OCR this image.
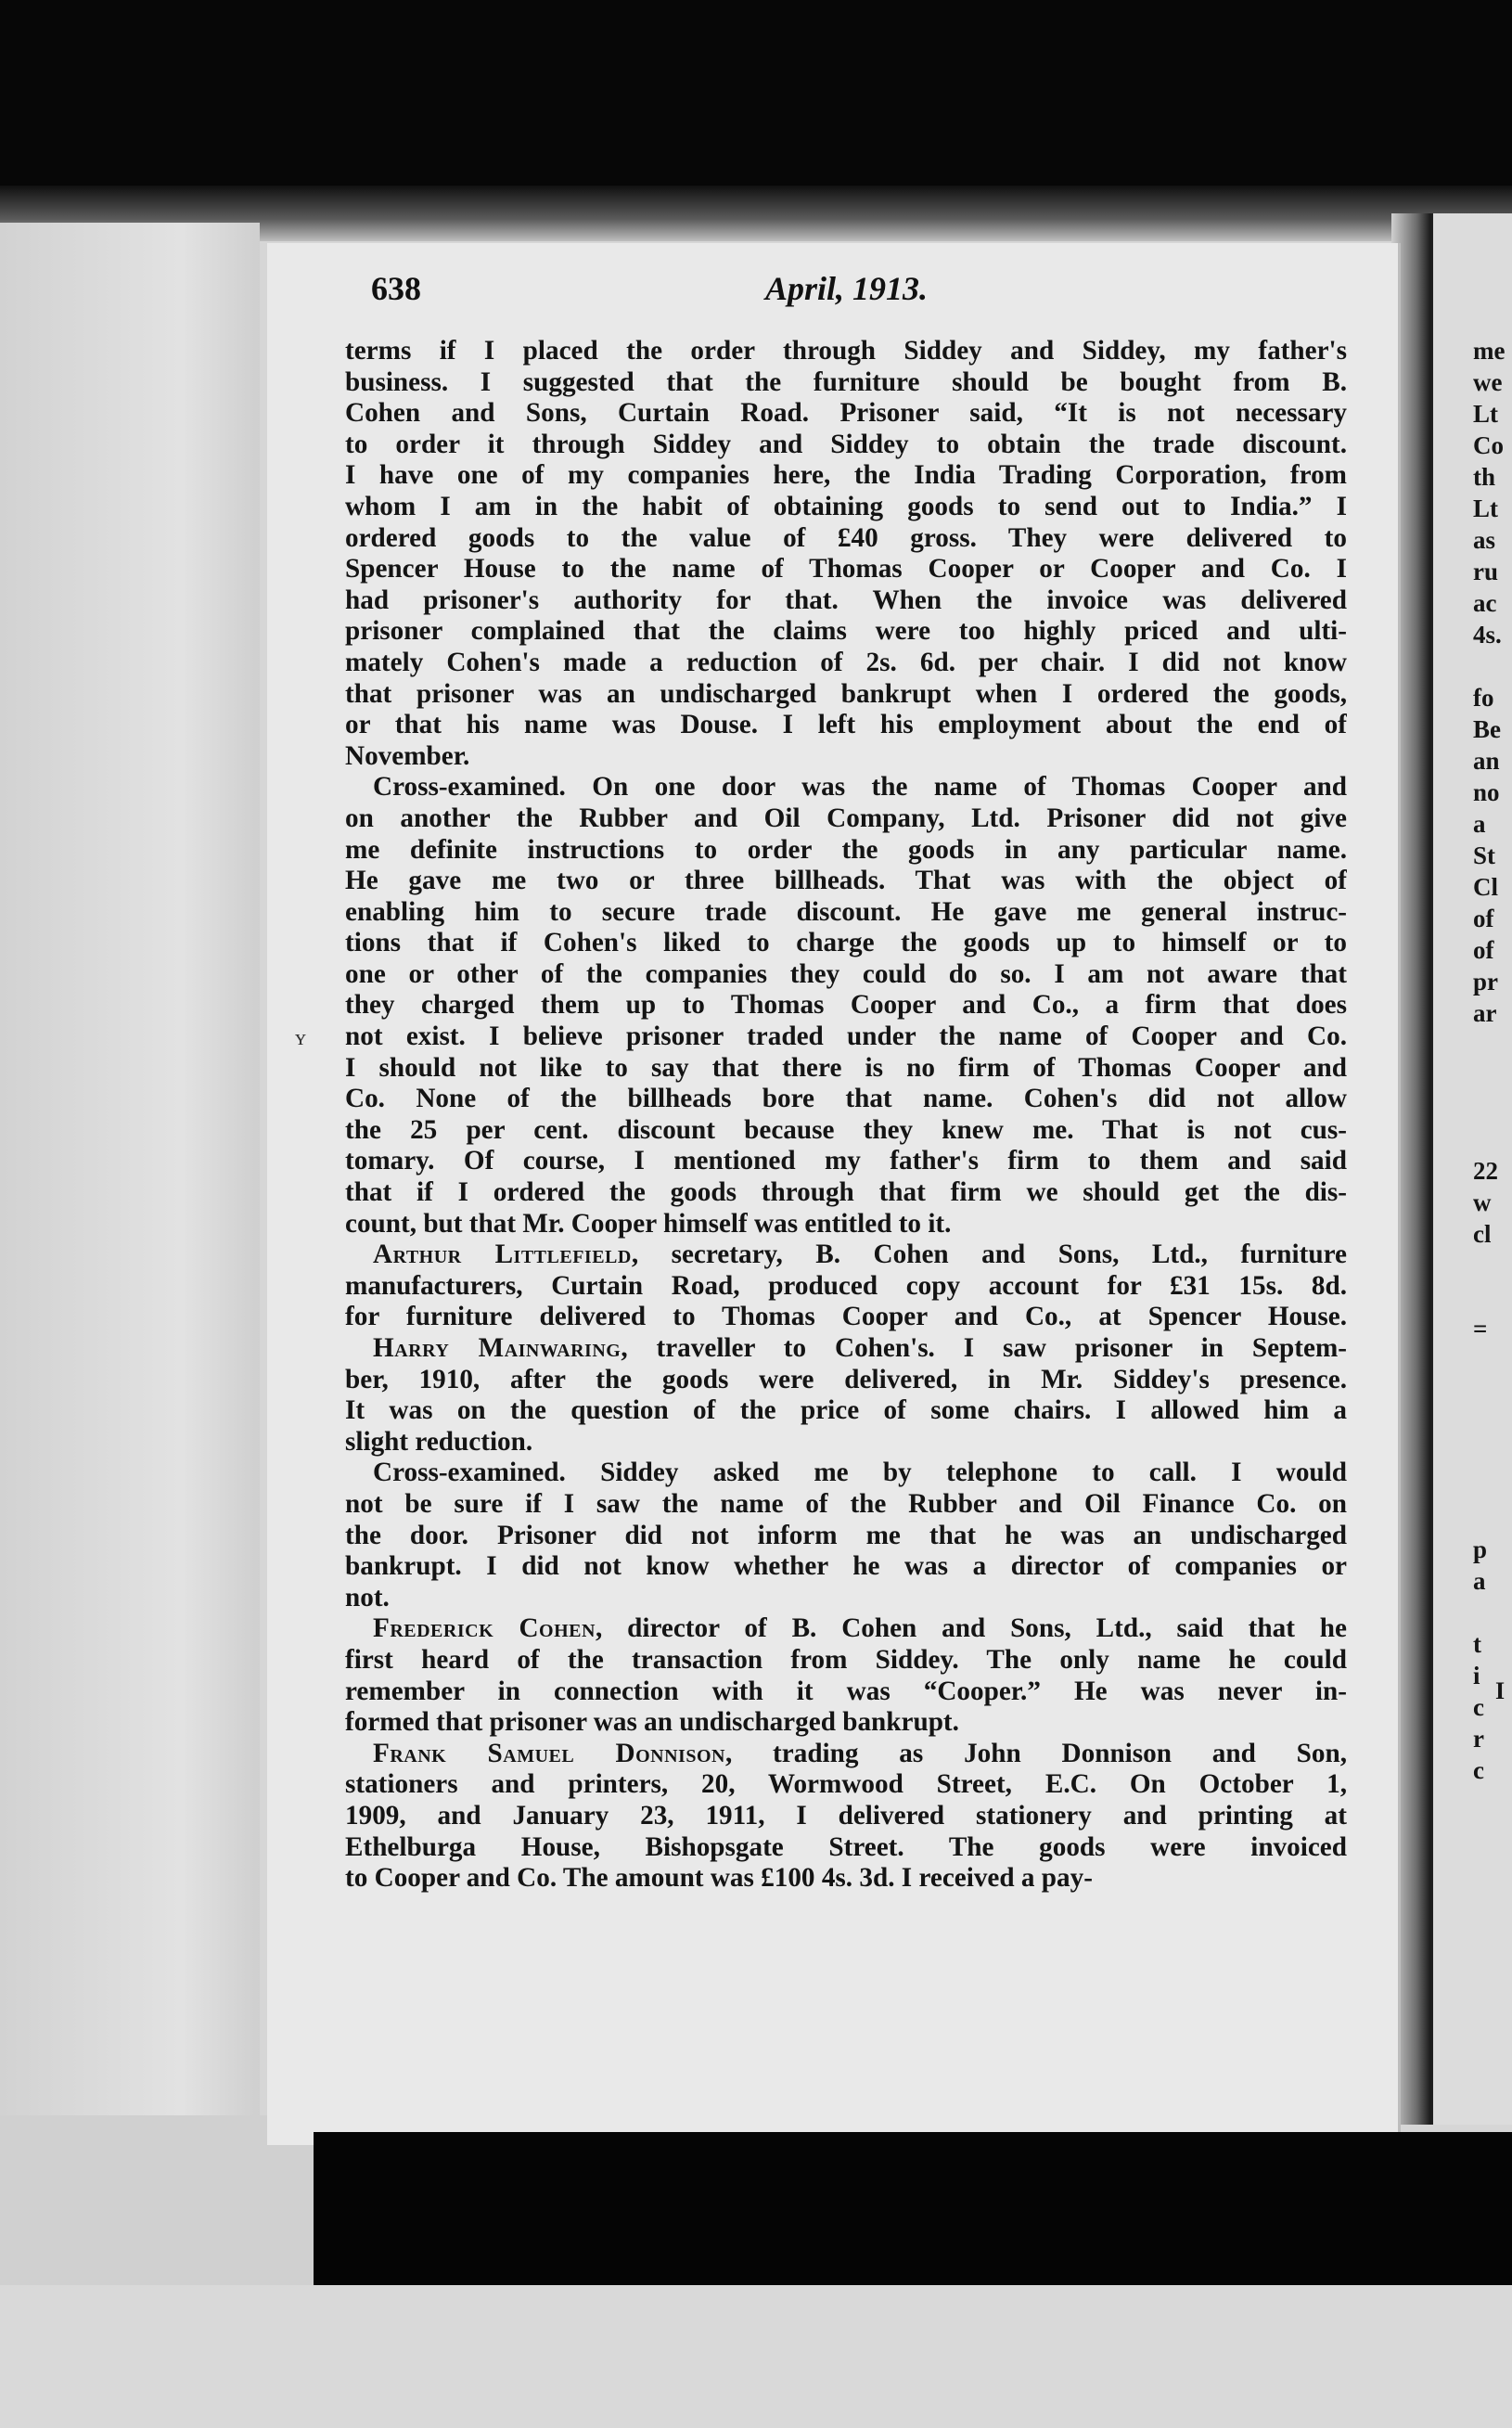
638	April, 1913.
ʏ
terms if I placed the order through Siddey and Siddey, my father's
business. I suggested that the furniture should be bought from B.
Cohen and Sons, Curtain Road. Prisoner said, “It is not necessary
to order it through Siddey and Siddey to obtain the trade discount.
I have one of my companies here, the India Trading Corporation, from
whom I am in the habit of obtaining goods to send out to India.” I
ordered goods to the value of £40 gross. They were delivered to
Spencer House to the name of Thomas Cooper or Cooper and Co. I
had prisoner's authority for that. When the invoice was delivered
prisoner complained that the claims were too highly priced and ulti-
mately Cohen's made a reduction of 2s. 6d. per chair. I did not know
that prisoner was an undischarged bankrupt when I ordered the goods,
or that his name was Douse. I left his employment about the end of
November.
Cross-examined. On one door was the name of Thomas Cooper and
on another the Rubber and Oil Company, Ltd. Prisoner did not give
me definite instructions to order the goods in any particular name.
He gave me two or three billheads. That was with the object of
enabling him to secure trade discount. He gave me general instruc-
tions that if Cohen's liked to charge the goods up to himself or to
one or other of the companies they could do so. I am not aware that
they charged them up to Thomas Cooper and Co., a firm that does
not exist. I believe prisoner traded under the name of Cooper and Co.
I should not like to say that there is no firm of Thomas Cooper and
Co. None of the billheads bore that name. Cohen's did not allow
the 25 per cent. discount because they knew me. That is not cus-
tomary. Of course, I mentioned my father's firm to them and said
that if I ordered the goods through that firm we should get the dis-
count, but that Mr. Cooper himself was entitled to it.
Arthur Littlefield, secretary, B. Cohen and Sons, Ltd., furniture
manufacturers, Curtain Road, produced copy account for £31 15s. 8d.
for furniture delivered to Thomas Cooper and Co., at Spencer House.
Harry Mainwaring, traveller to Cohen's. I saw prisoner in Septem-
ber, 1910, after the goods were delivered, in Mr. Siddey's presence.
It was on the question of the price of some chairs. I allowed him a
slight reduction.
Cross-examined. Siddey asked me by telephone to call. I would
not be sure if I saw the name of the Rubber and Oil Finance Co. on
the door. Prisoner did not inform me that he was an undischarged
bankrupt. I did not know whether he was a director of companies or
not.
Frederick Cohen, director of B. Cohen and Sons, Ltd., said that he
first heard of the transaction from Siddey. The only name he could
remember in connection with it was “Cooper.” He was never in-
formed that prisoner was an undischarged bankrupt.
Frank Samuel Donnison, trading as John Donnison and Son,
stationers and printers, 20, Wormwood Street, E.C. On October 1,
1909, and January 23, 1911, I delivered stationery and printing at
Ethelburga House, Bishopsgate Street. The goods were invoiced
to Cooper and Co. The amount was £100 4s. 3d. I received a pay-
me
we
Lt
Co
th
Lt
as
ru
ac
4s.
fo
Be
an
no
a
St
Cl
of
of
pr
ar
22
w
cl
=
p
a
t
i
c
r
c
I
